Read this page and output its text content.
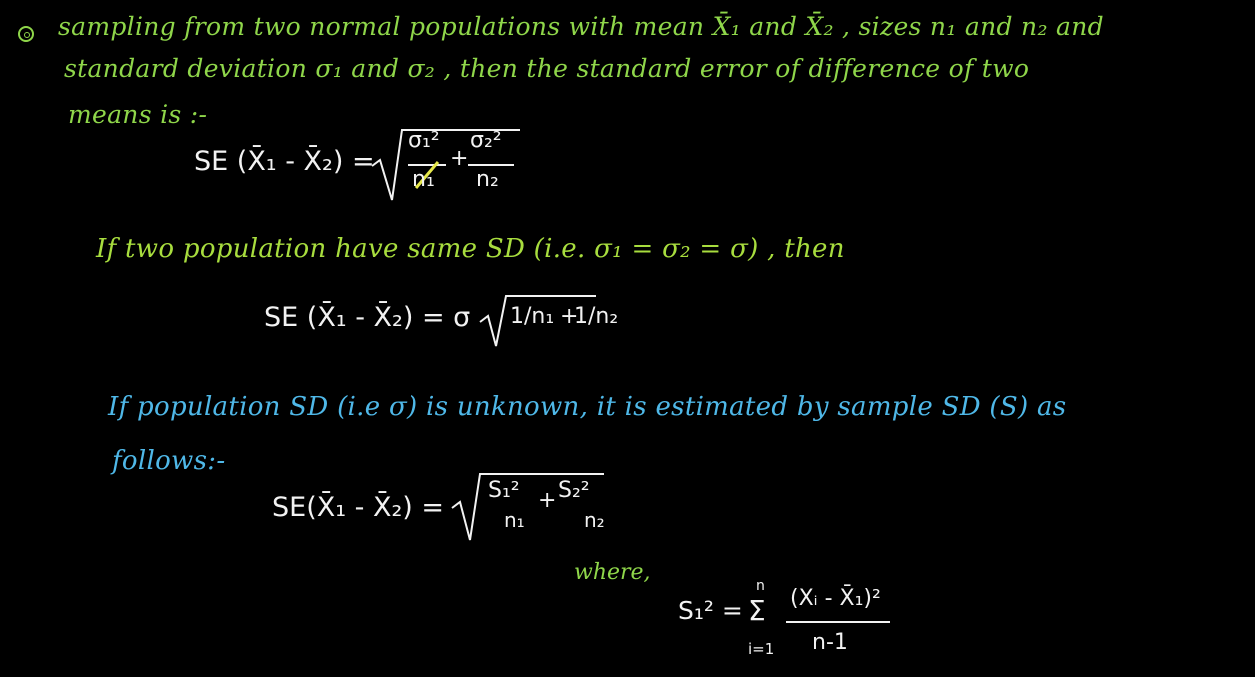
sampling from two normal populations with mean X̄₁ and X̄₂ , sizes n₁ and n₂ and
standard deviation σ₁ and σ₂ , then the standard error of difference of two
means is :-
SE (X̄₁ - X̄₂) =
σ₁²
n₁
+
σ₂²
n₂
If two population have same SD (i.e. σ₁ = σ₂ = σ) , then
SE (X̄₁ - X̄₂) = σ 1/n₁ +
1/n₂
If population SD (i.e σ) is unknown, it is estimated by sample SD (S) as
follows:-
SE(X̄₁ - X̄₂) =
S₁²
n₁
+ S₂²
n₂
where,
S₁² =
n
Σ
i=1
(Xᵢ - X̄₁)²
n-1
